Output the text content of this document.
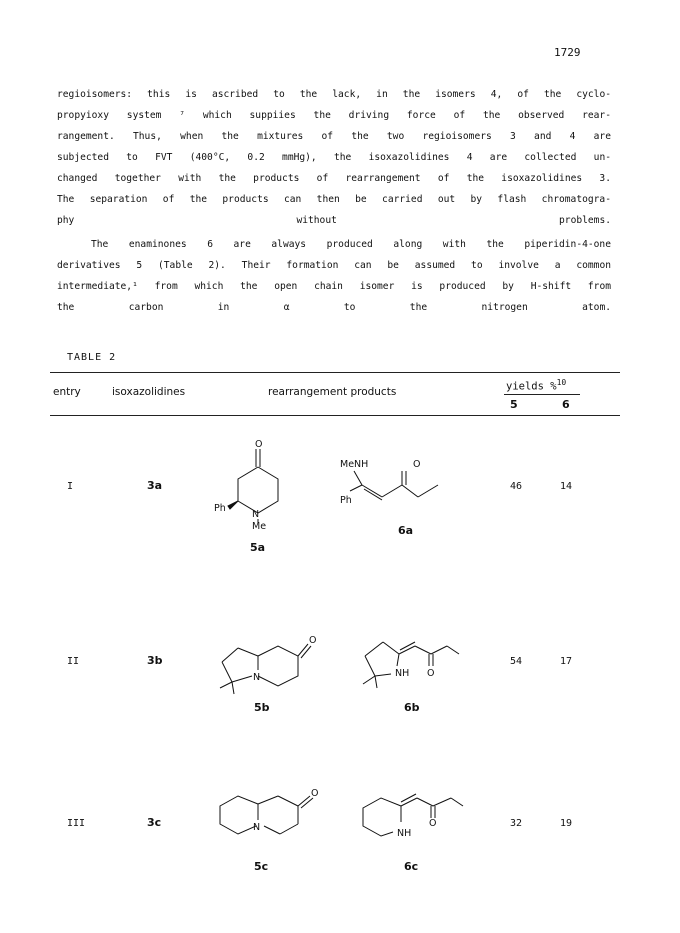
1729
regioisomers: this is ascribed to the lack, in the isomers 4, of the cyclo-
propyioxy system ⁷ which suppiies the driving force of the observed rear-
rangement. Thus, when the mixtures of the two regioisomers 3 and 4 are
subjected to FVT (400°C, 0.2 mmHg), the isoxazolidines 4 are collected un-
changed together with the products of rearrangement of the isoxazolidines 3.
The separation of the products can then be carried out by flash chromatogra-
phy without problems.
The enaminones 6 are always produced along with the piperidin-4-one
derivatives 5 (Table 2). Their formation can be assumed to involve a common
intermediate,¹ from which the open chain isomer is produced by H-shift from
the carbon in α to the nitrogen atom.
TABLE 2
entry	isoxazolidines	rearrangement products	yields %$^{10}$
5	6
I	3a
O
N
Me
Ph
5a
MeNH	O
Ph
6a
46	14
II	3b
N
O
5b
NH O
6b
54	17
III	3c	N
O
5c
NH
O
6c
32	19
